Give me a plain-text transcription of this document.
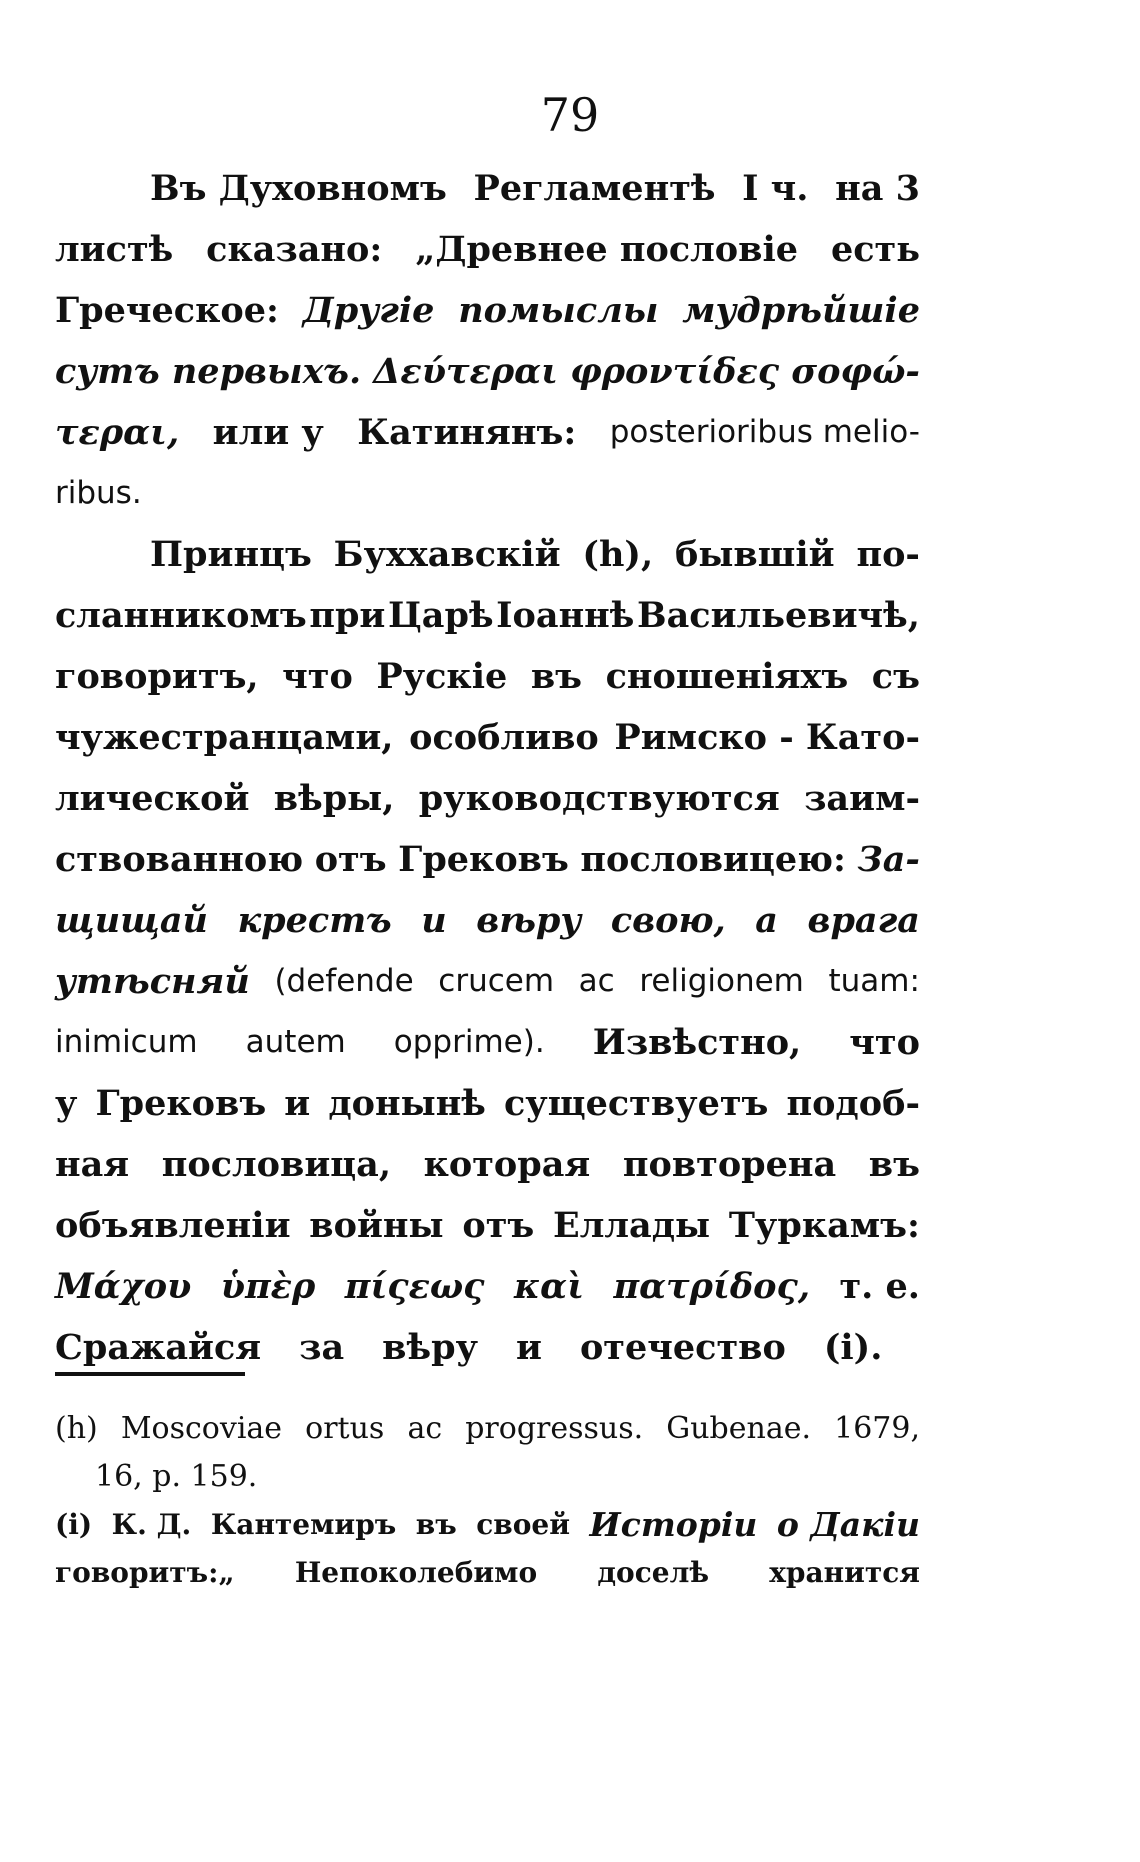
79
Въ Духовномъ Регламентѣ I ч. на 3
листѣ сказано: „Древнее пословіе есть
Греческое: Другіе помыслы мудрѣйшіе
сутъ первыхъ. Δεύτεραι φροντίδες σοφώ-
τεραι, или у Катинянъ: posterioribus melio-
ribus.
Принцъ Буххавскій (h), бывшій по-
сланникомъ при Царѣ Іоаннѣ Васильевичѣ,
говоритъ, что Рускіе въ сношеніяхъ съ
чужестранцами, особливо Римско - Като-
лической вѣры, руководствуются заим-
ствованною отъ Грековъ пословицею: За-
щищай крестъ и вѣру свою, а врага
утѣсняй (defende crucem ac religionem tuam:
inimicum autem opprime). Извѣстно, что
у Грековъ и донынѣ существуетъ подоб-
ная пословица, которая повторена въ
объявленіи войны отъ Еллады Туркамъ:
Μάχου ὑπὲρ πίςεως καὶ πατρίδος, т. е.
Сражайся за вѣру и отечество (i).
(h) Moscoviae ortus ac progressus. Gubenae. 1679,
16, p. 159.
(i) К. Д. Кантемиръ въ своей Исторіи о Дакіи
говоритъ:„ Непоколебимо доселѣ хранится
